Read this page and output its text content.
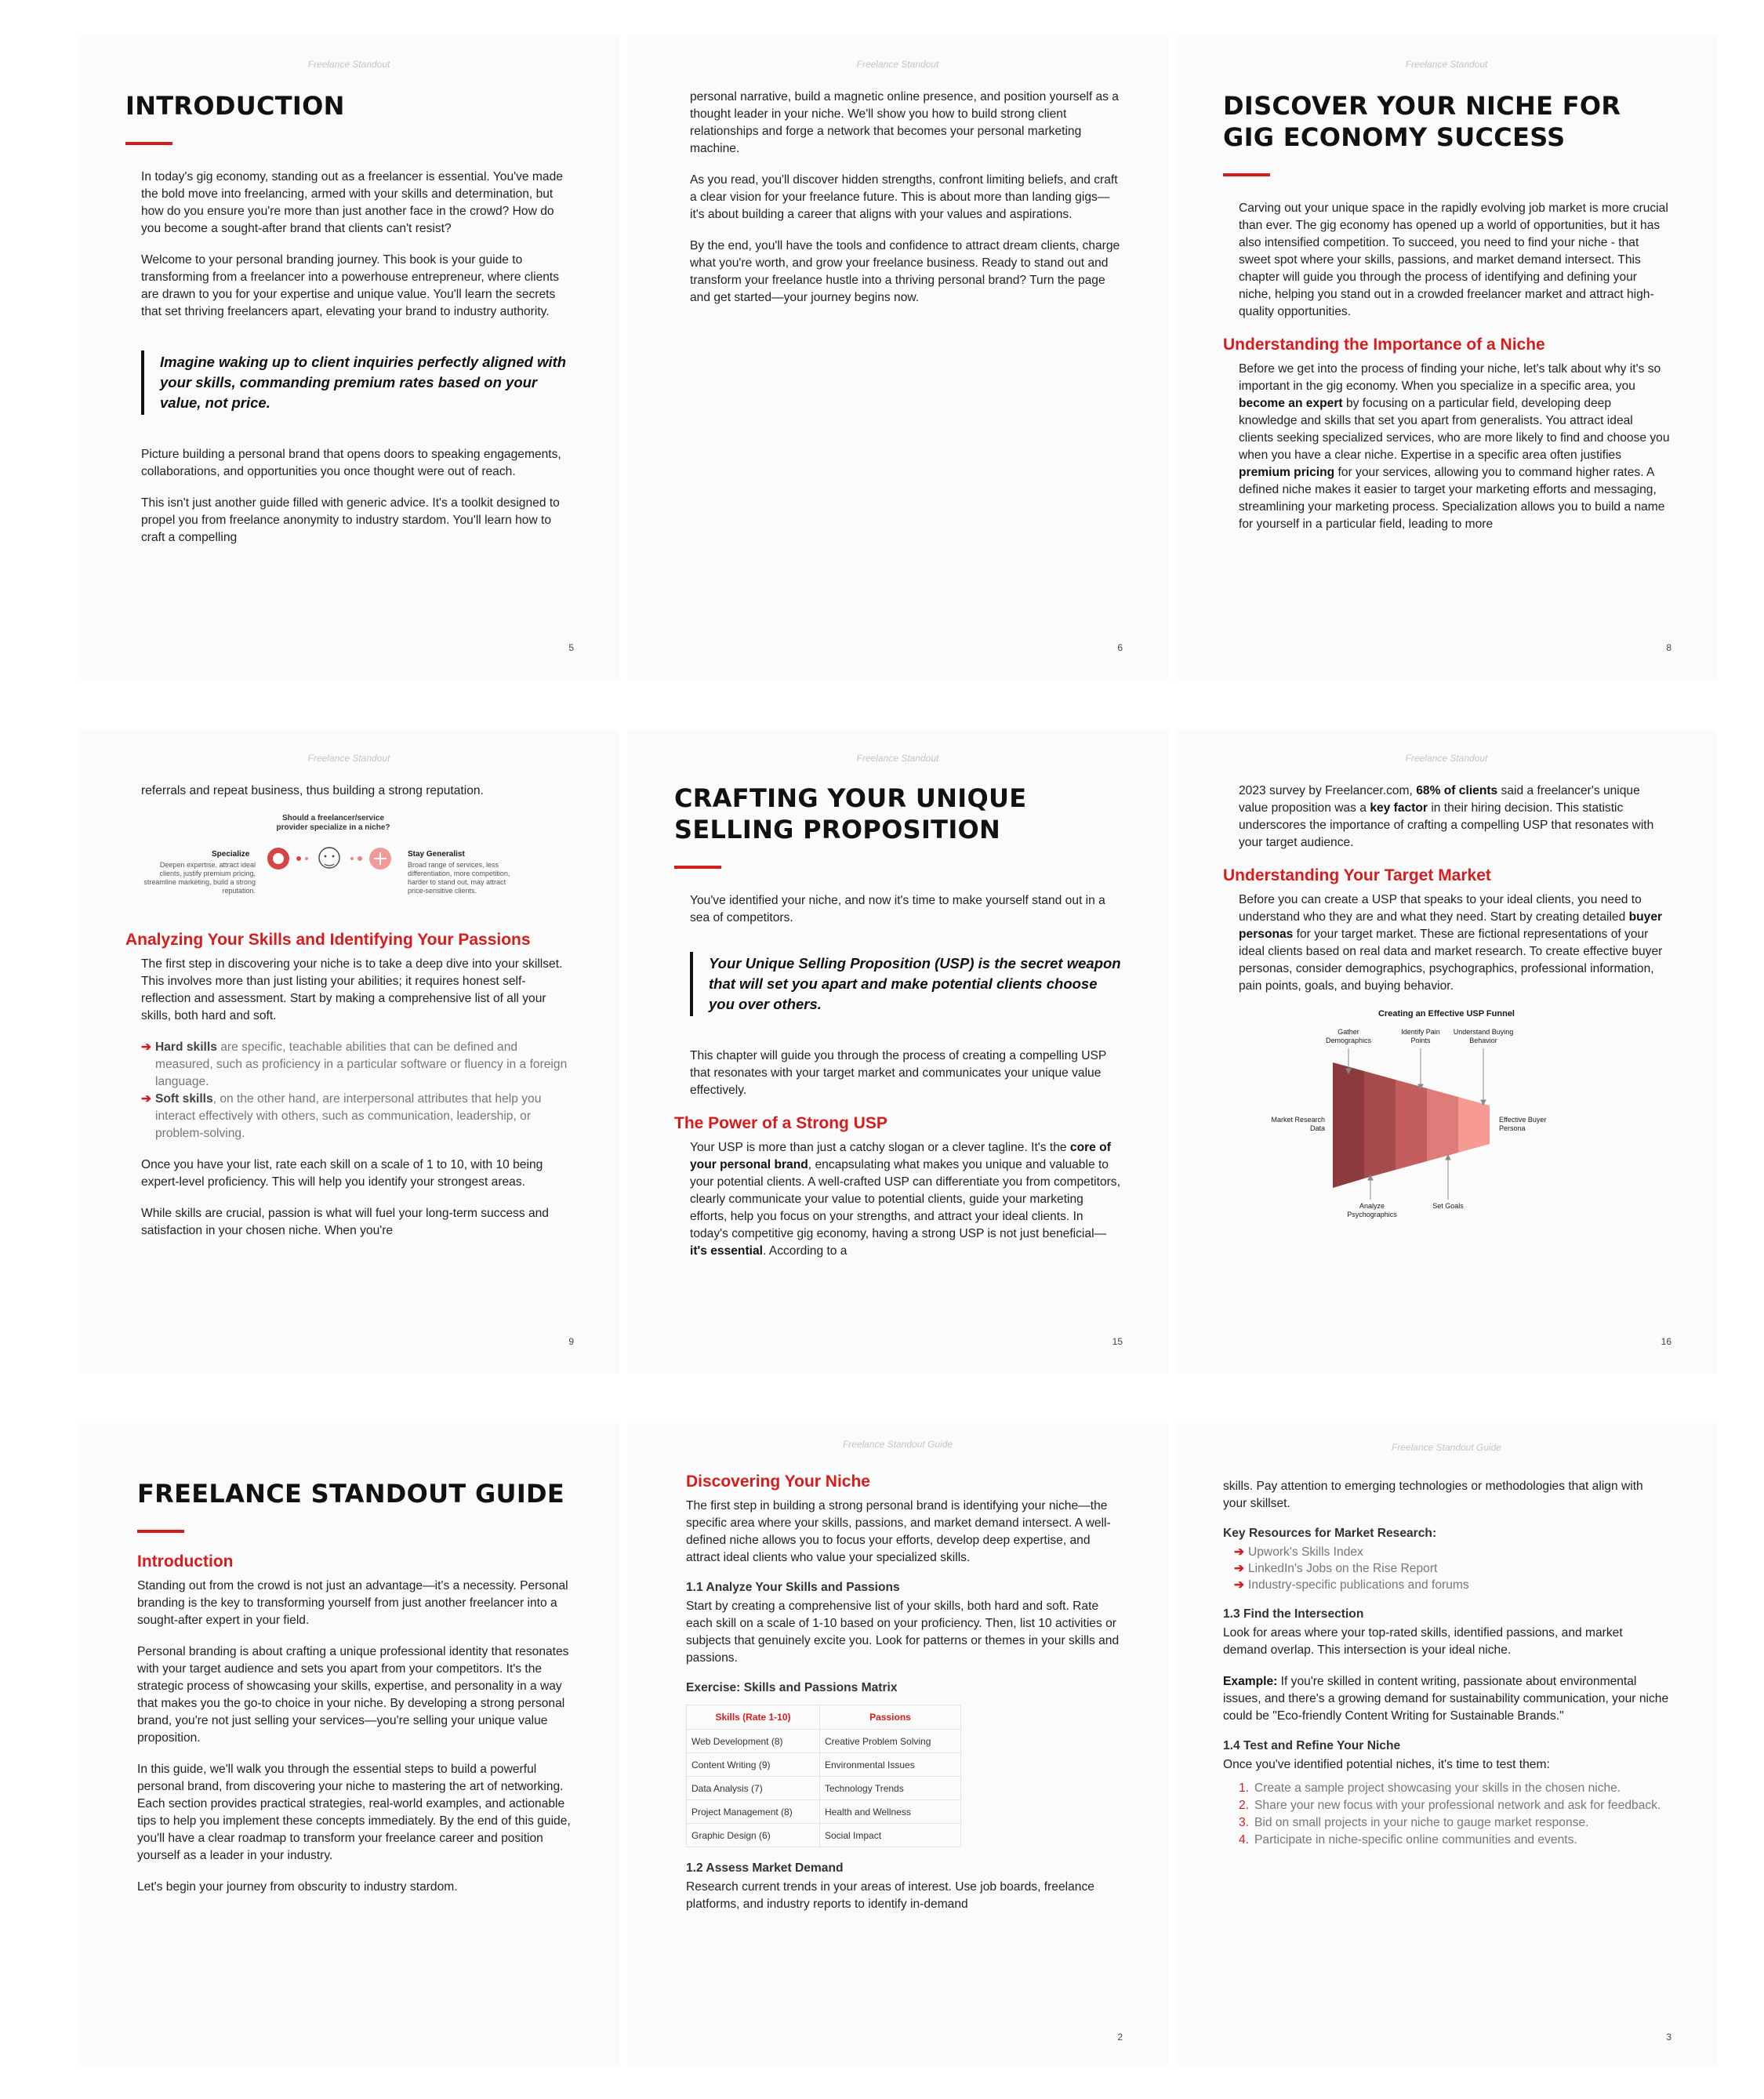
Freelance Standout
INTRODUCTION

In today's gig economy, standing out as a freelancer is essential. You've made the bold move into freelancing, armed with your skills and determination, but how do you ensure you're more than just another face in the crowd? How do you become a sought-after brand that clients can't resist?

Welcome to your personal branding journey. This book is your guide to transforming from a freelancer into a powerhouse entrepreneur, where clients are drawn to you for your expertise and unique value. You'll learn the secrets that set thriving freelancers apart, elevating your brand to industry authority.

Imagine waking up to client inquiries perfectly aligned with your skills, commanding premium rates based on your value, not price.

Picture building a personal brand that opens doors to speaking engagements, collaborations, and opportunities you once thought were out of reach.

This isn't just another guide filled with generic advice. It's a toolkit designed to propel you from freelance anonymity to industry stardom. You'll learn how to craft a compelling

5
Freelance Standout

personal narrative, build a magnetic online presence, and position yourself as a thought leader in your niche. We'll show you how to build strong client relationships and forge a network that becomes your personal marketing machine.

As you read, you'll discover hidden strengths, confront limiting beliefs, and craft a clear vision for your freelance future. This is about more than landing gigs—it's about building a career that aligns with your values and aspirations.

By the end, you'll have the tools and confidence to attract dream clients, charge what you're worth, and grow your freelance business. Ready to stand out and transform your freelance hustle into a thriving personal brand? Turn the page and get started—your journey begins now.

6
Freelance Standout
DISCOVER YOUR NICHE FOR GIG ECONOMY SUCCESS

Carving out your unique space in the rapidly evolving job market is more crucial than ever. The gig economy has opened up a world of opportunities, but it has also intensified competition. To succeed, you need to find your niche - that sweet spot where your skills, passions, and market demand intersect. This chapter will guide you through the process of identifying and defining your niche, helping you stand out in a crowded freelancer market and attract high-quality opportunities.

Understanding the Importance of a Niche

Before we get into the process of finding your niche, let's talk about why it's so important in the gig economy. When you specialize in a specific area, you become an expert by focusing on a particular field, developing deep knowledge and skills that set you apart from generalists. You attract ideal clients seeking specialized services, who are more likely to find and choose you when you have a clear niche. Expertise in a specific area often justifies premium pricing for your services, allowing you to command higher rates. A defined niche makes it easier to target your marketing efforts and messaging, streamlining your marketing process. Specialization allows you to build a name for yourself in a particular field, leading to more

8
Freelance Standout

referrals and repeat business, thus building a strong reputation.

Should a freelancer/service provider specialize in a niche?
Specialize
Deepen expertise, attract ideal clients, justify premium pricing, streamline marketing, build a strong reputation.
Stay Generalist
Broad range of services, less differentiation, more competition, harder to stand out, may attract price-sensitive clients.
Analyzing Your Skills and Identifying Your Passions

The first step in discovering your niche is to take a deep dive into your skillset. This involves more than just listing your abilities; it requires honest self-reflection and assessment. Start by making a comprehensive list of all your skills, both hard and soft.

➔ Hard skills are specific, teachable abilities that can be defined and measured, such as proficiency in a particular software or fluency in a foreign language.
➔ Soft skills, on the other hand, are interpersonal attributes that help you interact effectively with others, such as communication, leadership, or problem-solving.

Once you have your list, rate each skill on a scale of 1 to 10, with 10 being expert-level proficiency. This will help you identify your strongest areas.

While skills are crucial, passion is what will fuel your long-term success and satisfaction in your chosen niche. When you're

9
Freelance Standout
CRAFTING YOUR UNIQUE SELLING PROPOSITION

You've identified your niche, and now it's time to make yourself stand out in a sea of competitors.

Your Unique Selling Proposition (USP) is the secret weapon that will set you apart and make potential clients choose you over others.

This chapter will guide you through the process of creating a compelling USP that resonates with your target market and communicates your unique value effectively.

The Power of a Strong USP

Your USP is more than just a catchy slogan or a clever tagline. It's the core of your personal brand, encapsulating what makes you unique and valuable to your potential clients. A well-crafted USP can differentiate you from competitors, clearly communicate your value to potential clients, guide your marketing efforts, help you focus on your strengths, and attract your ideal clients. In today's competitive gig economy, having a strong USP is not just beneficial—it's essential. According to a

15
Freelance Standout

2023 survey by Freelancer.com, 68% of clients said a freelancer's unique value proposition was a key factor in their hiring decision. This statistic underscores the importance of crafting a compelling USP that resonates with your target audience.

Understanding Your Target Market

Before you can create a USP that speaks to your ideal clients, you need to understand who they are and what they need. Start by creating detailed buyer personas for your target market. These are fictional representations of your ideal clients based on real data and market research. To create effective buyer personas, consider demographics, psychographics, professional information, pain points, goals, and buying behavior.

Creating an Effective USP Funnel
Gather Demographics
Identify Pain Points
Understand Buying Behavior
Market Research Data
Effective Buyer Persona
Analyze Psychographics
Set Goals
16
FREELANCE STANDOUT GUIDE
Introduction

Standing out from the crowd is not just an advantage—it's a necessity. Personal branding is the key to transforming yourself from just another freelancer into a sought-after expert in your field.

Personal branding is about crafting a unique professional identity that resonates with your target audience and sets you apart from your competitors. It's the strategic process of showcasing your skills, expertise, and personality in a way that makes you the go-to choice in your niche. By developing a strong personal brand, you're not just selling your services—you're selling your unique value proposition.

In this guide, we'll walk you through the essential steps to build a powerful personal brand, from discovering your niche to mastering the art of networking. Each section provides practical strategies, real-world examples, and actionable tips to help you implement these concepts immediately. By the end of this guide, you'll have a clear roadmap to transform your freelance career and position yourself as a leader in your industry.

Let's begin your journey from obscurity to industry stardom.

Freelance Standout Guide
Discovering Your Niche

The first step in building a strong personal brand is identifying your niche—the specific area where your skills, passions, and market demand intersect. A well-defined niche allows you to focus your efforts, develop deep expertise, and attract ideal clients who value your specialized skills.

1.1 Analyze Your Skills and Passions

Start by creating a comprehensive list of your skills, both hard and soft. Rate each skill on a scale of 1-10 based on your proficiency. Then, list 10 activities or subjects that genuinely excite you. Look for patterns or themes in your skills and passions.

Exercise: Skills and Passions Matrix
Skills (Rate 1-10)	Passions
Web Development (8)	Creative Problem Solving
Content Writing (9)	Environmental Issues
Data Analysis (7)	Technology Trends
Project Management (8)	Health and Wellness
Graphic Design (6)	Social Impact
1.2 Assess Market Demand

Research current trends in your areas of interest. Use job boards, freelance platforms, and industry reports to identify in-demand

2
Freelance Standout Guide

skills. Pay attention to emerging technologies or methodologies that align with your skillset.

Key Resources for Market Research:
➔ Upwork's Skills Index
➔ LinkedIn's Jobs on the Rise Report
➔ Industry-specific publications and forums
1.3 Find the Intersection

Look for areas where your top-rated skills, identified passions, and market demand overlap. This intersection is your ideal niche.

Example: If you're skilled in content writing, passionate about environmental issues, and there's a growing demand for sustainability communication, your niche could be "Eco-friendly Content Writing for Sustainable Brands."

1.4 Test and Refine Your Niche

Once you've identified potential niches, it's time to test them:

1. Create a sample project showcasing your skills in the chosen niche.
2. Share your new focus with your professional network and ask for feedback.
3. Bid on small projects in your niche to gauge market response.
4. Participate in niche-specific online communities and events.
3
